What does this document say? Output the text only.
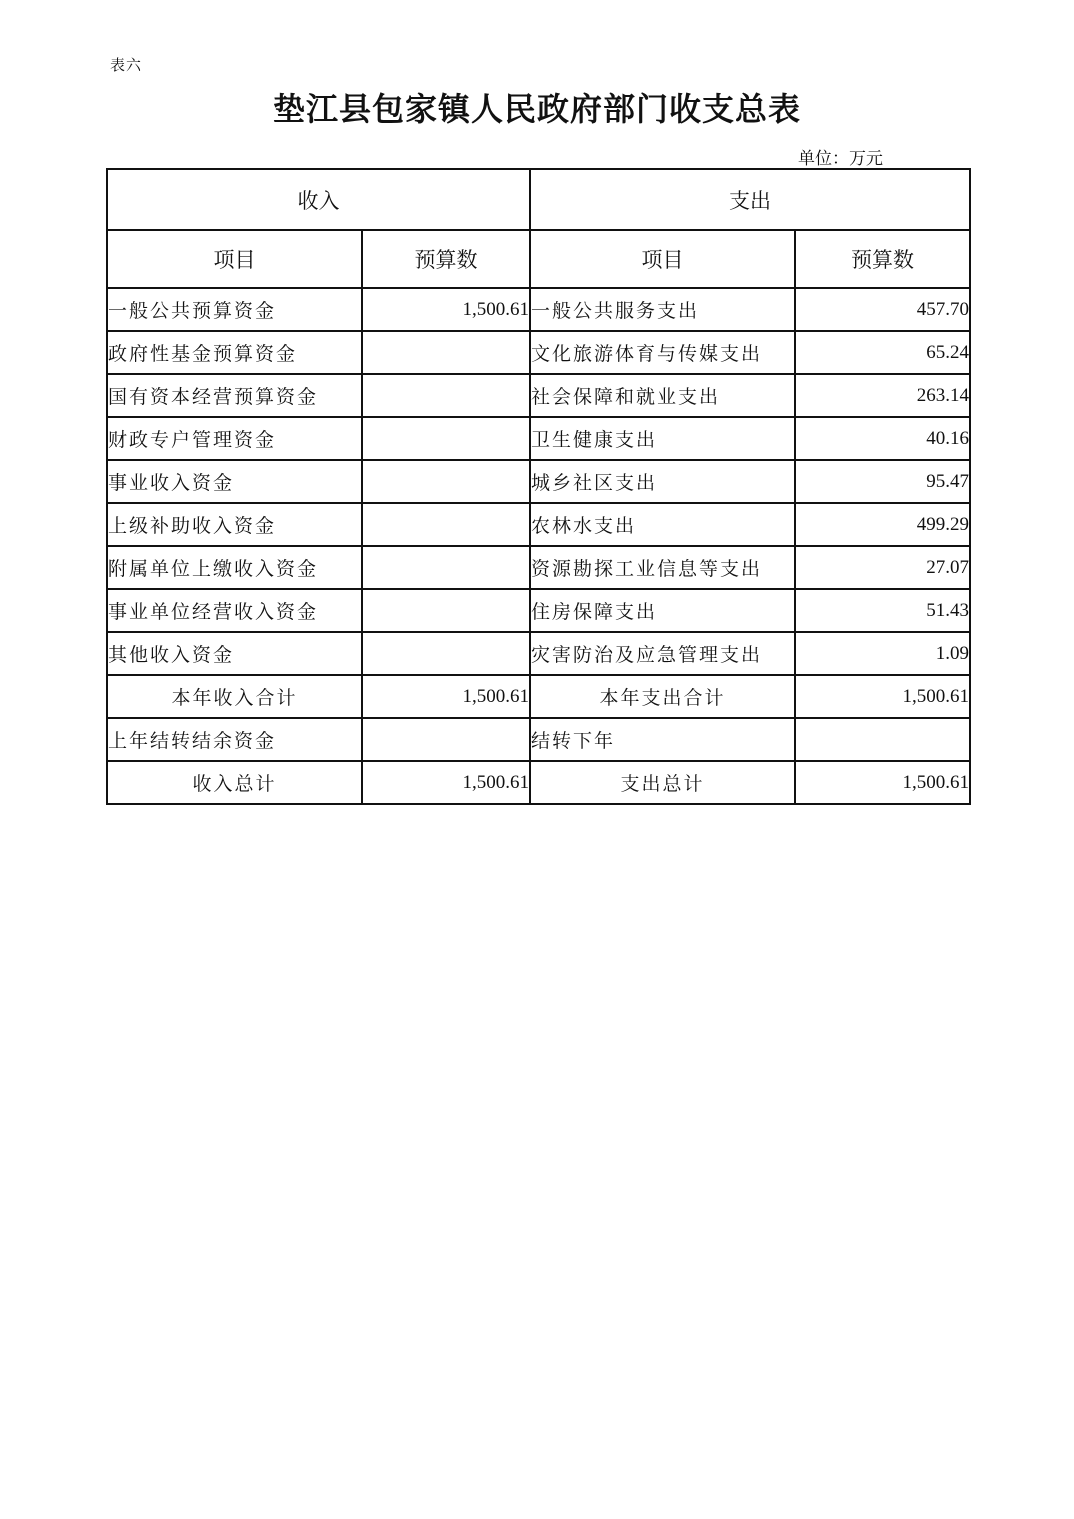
表六
垫江县包家镇人民政府部门收支总表
单位：万元
收入		支出	
项目	预算数	项目	预算数
一般公共预算资金	1,500.61	一般公共服务支出	457.70
政府性基金预算资金		文化旅游体育与传媒支出	65.24
国有资本经营预算资金		社会保障和就业支出	263.14
财政专户管理资金		卫生健康支出	40.16
事业收入资金		城乡社区支出	95.47
上级补助收入资金		农林水支出	499.29
附属单位上缴收入资金		资源勘探工业信息等支出	27.07
事业单位经营收入资金		住房保障支出	51.43
其他收入资金		灾害防治及应急管理支出	1.09
本年收入合计	1,500.61	本年支出合计	1,500.61
上年结转结余资金		结转下年	
收入总计	1,500.61	支出总计	1,500.61
